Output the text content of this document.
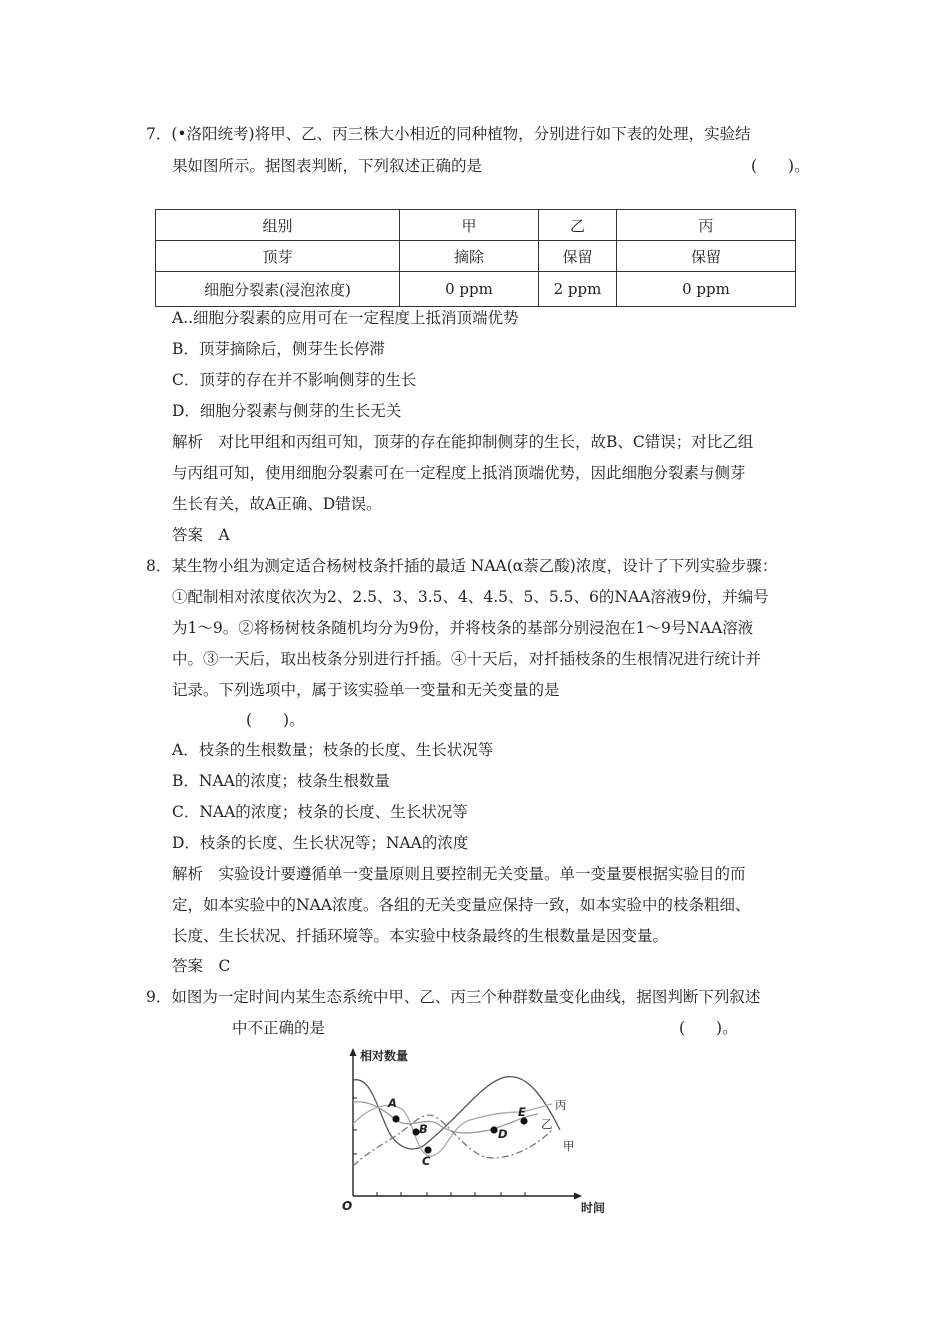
7．(•洛阳统考)将甲、乙、丙三株大小相近的同种植物，分别进行如下表的处理，实验结
果如图所示。据图表判断，下列叙述正确的是	(　　)。
组别	甲	乙	丙
顶芽	摘除	保留	保留
细胞分裂素(浸泡浓度)	0 ppm	2 ppm	0 ppm
A..细胞分裂素的应用可在一定程度上抵消顶端优势
B．顶芽摘除后，侧芽生长停滞
C．顶芽的存在并不影响侧芽的生长
D．细胞分裂素与侧芽的生长无关
解析　对比甲组和丙组可知，顶芽的存在能抑制侧芽的生长，故B、C错误；对比乙组
与丙组可知，使用细胞分裂素可在一定程度上抵消顶端优势，因此细胞分裂素与侧芽
生长有关，故A正确、D错误。
答案　A
8．某生物小组为测定适合杨树枝条扦插的最适 NAA(α萘乙酸)浓度，设计了下列实验步骤：
①配制相对浓度依次为2、2.5、3、3.5、4、4.5、5、5.5、6的NAA溶液9份，并编号
为1～9。②将杨树枝条随机均分为9份，并将枝条的基部分别浸泡在1～9号NAA溶液
中。③一天后，取出枝条分别进行扦插。④十天后，对扦插枝条的生根情况进行统计并
记录。下列选项中，属于该实验单一变量和无关变量的是
(　　)。
A．枝条的生根数量；枝条的长度、生长状况等
B．NAA的浓度；枝条生根数量
C．NAA的浓度；枝条的长度、生长状况等
D．枝条的长度、生长状况等；NAA的浓度
解析　实验设计要遵循单一变量原则且要控制无关变量。单一变量要根据实验目的而
定，如本实验中的NAA浓度。各组的无关变量应保持一致，如本实验中的枝条粗细、
长度、生长状况、扦插环境等。本实验中枝条最终的生根数量是因变量。
答案　C
9．如图为一定时间内某生态系统中甲、乙、丙三个种群数量变化曲线，据图判断下列叙述
中不正确的是	(　　)。
相对数量
时间
O
A
B
C
D
E
甲
乙
丙
